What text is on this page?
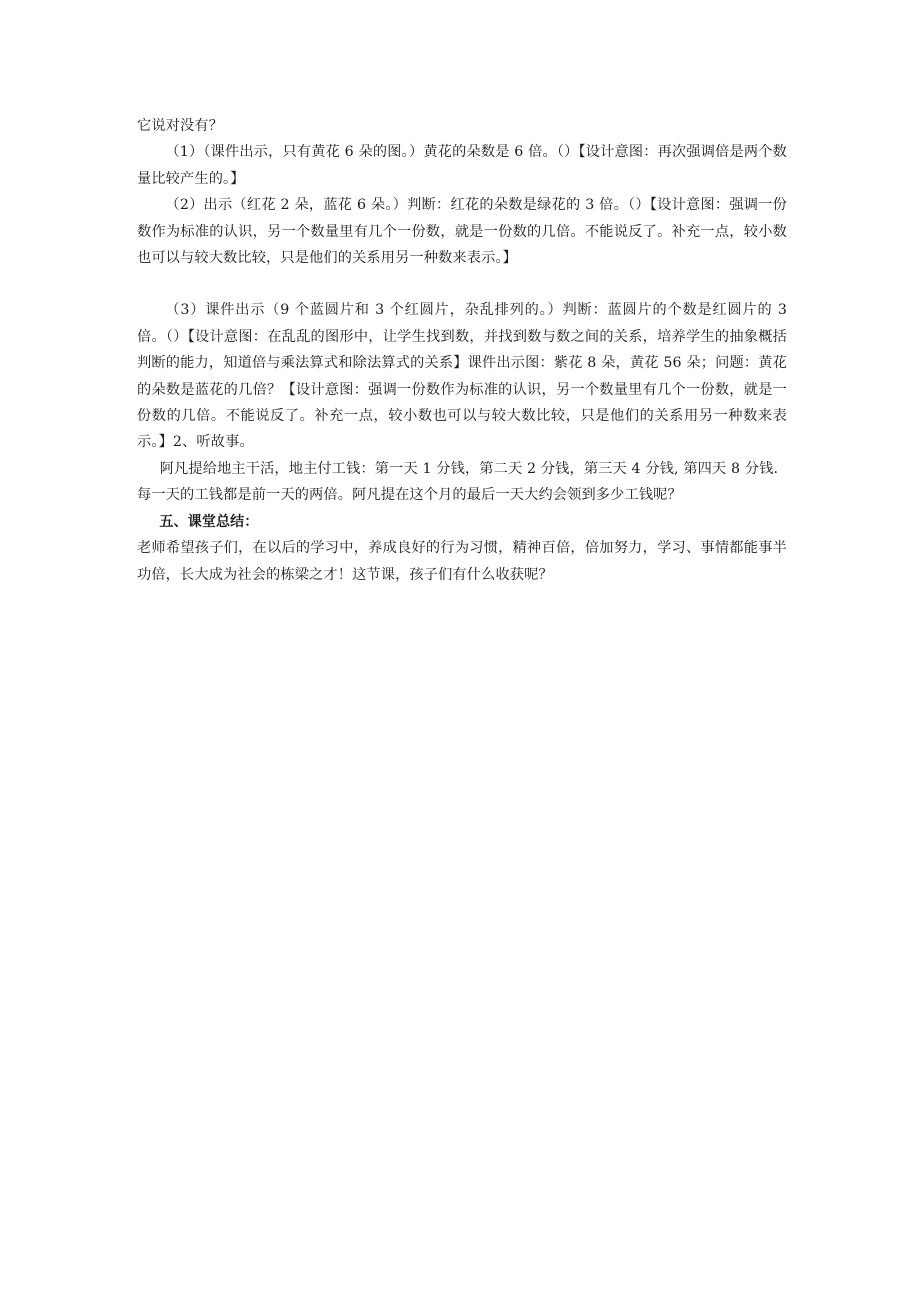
它说对没有？

（1）（课件出示，只有黄花 6 朵的图。）黄花的朵数是 6 倍。（）【设计意图：再次强调倍是两个数量比较产生的。】

（2）出示（红花 2 朵，蓝花 6 朵。）判断：红花的朵数是绿花的 3 倍。（）【设计意图：强调一份数作为标准的认识，另一个数量里有几个一份数，就是一份数的几倍。不能说反了。补充一点，较小数也可以与较大数比较，只是他们的关系用另一种数来表示。】

（3）课件出示（9 个蓝圆片和 3 个红圆片，杂乱排列的。）判断：蓝圆片的个数是红圆片的 3 倍。（）【设计意图：在乱乱的图形中，让学生找到数，并找到数与数之间的关系，培养学生的抽象概括判断的能力，知道倍与乘法算式和除法算式的关系】课件出示图：紫花 8 朵，黄花 56 朵；问题：黄花的朵数是蓝花的几倍？【设计意图：强调一份数作为标准的认识，另一个数量里有几个一份数，就是一份数的几倍。不能说反了。补充一点，较小数也可以与较大数比较，只是他们的关系用另一种数来表示。】2、听故事。

阿凡提给地主干活，地主付工钱：第一天 1 分钱，第二天 2 分钱，第三天 4 分钱, 第四天 8 分钱.

每一天的工钱都是前一天的两倍。阿凡提在这个月的最后一天大约会领到多少工钱呢？

五、课堂总结：

老师希望孩子们，在以后的学习中，养成良好的行为习惯，精神百倍，倍加努力，学习、事情都能事半功倍，长大成为社会的栋梁之才！这节课，孩子们有什么收获呢？
